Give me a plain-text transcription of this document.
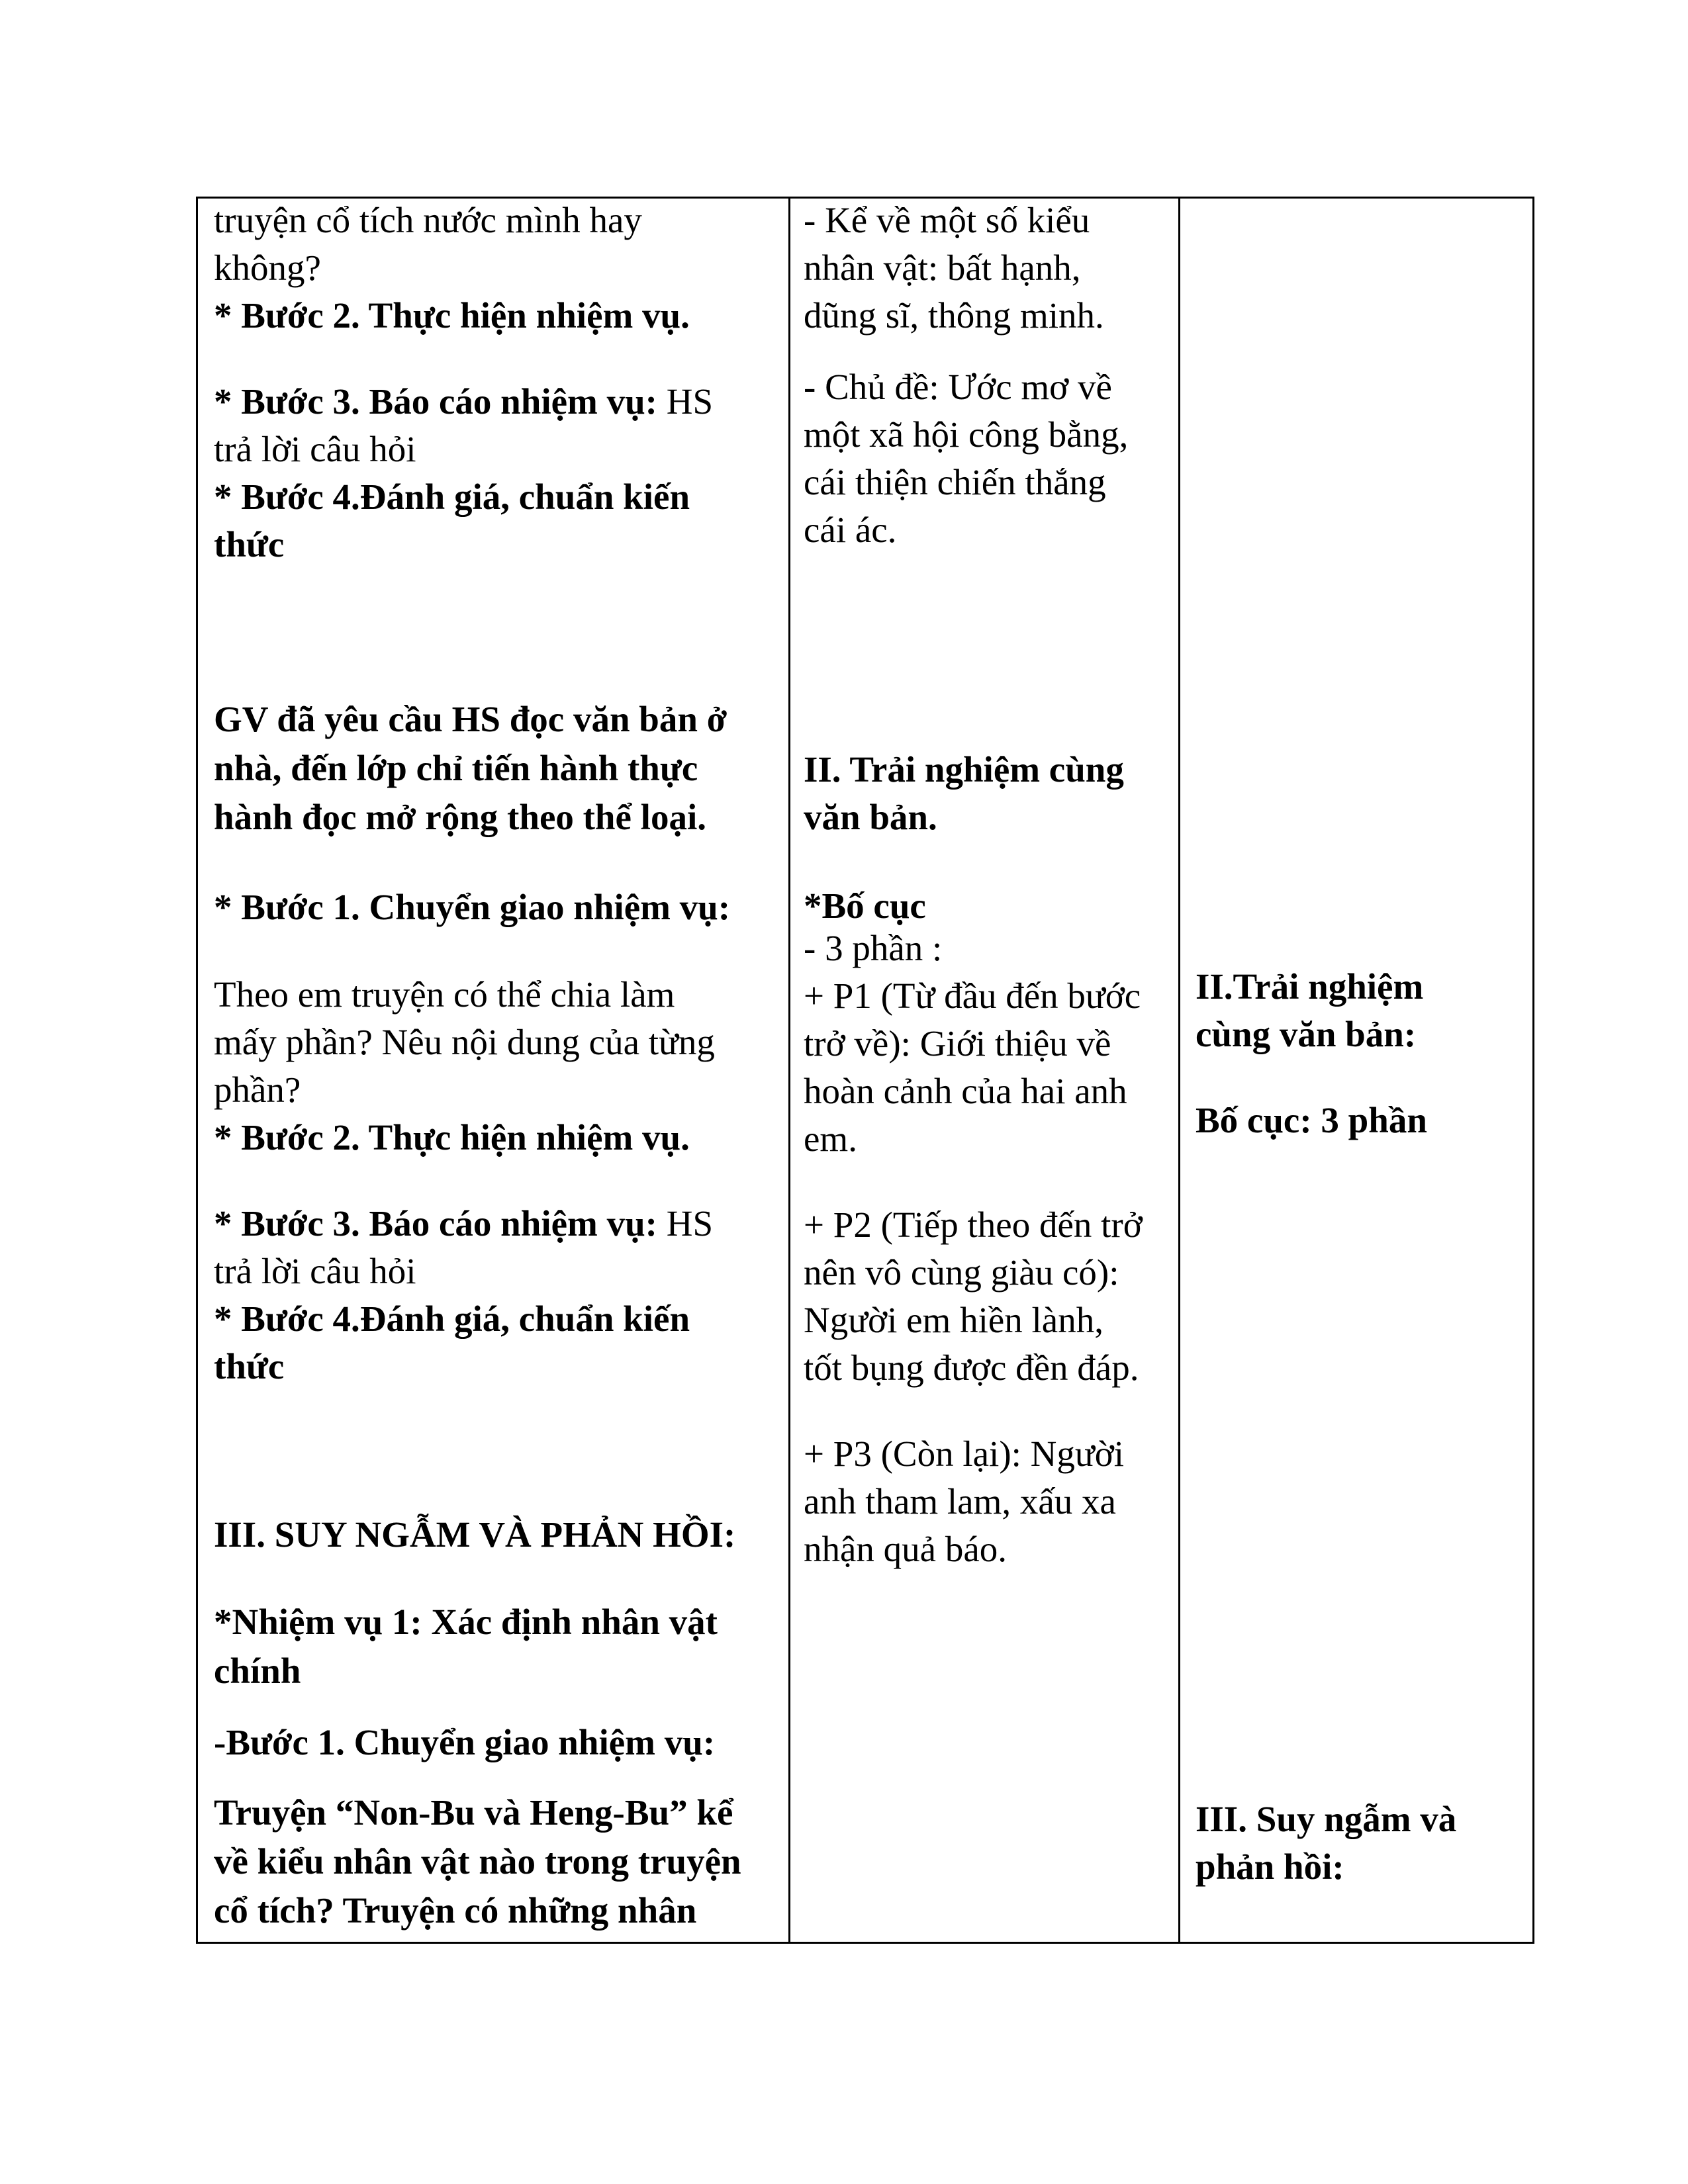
truyện cổ tích nước mình hay

không?

* Bước 2. Thực hiện nhiệm vụ.

* Bước 3. Báo cáo nhiệm vụ: HS

trả lời câu hỏi

* Bước 4.Đánh giá, chuẩn kiến

thức

GV đã yêu cầu HS đọc văn bản ở

nhà, đến lớp chỉ tiến hành thực

hành đọc mở rộng theo thể loại.

* Bước 1. Chuyển giao nhiệm vụ:

Theo em truyện có thể chia làm

mấy phần? Nêu nội dung của từng

phần?

* Bước 2. Thực hiện nhiệm vụ.

* Bước 3. Báo cáo nhiệm vụ: HS

trả lời câu hỏi

* Bước 4.Đánh giá, chuẩn kiến

thức

III. SUY NGẪM VÀ PHẢN HỒI:

*Nhiệm vụ 1: Xác định nhân vật

chính

-Bước 1. Chuyển giao nhiệm vụ:

Truyện “Non-Bu và Heng-Bu” kể

về kiểu nhân vật nào trong truyện

cổ tích? Truyện có những nhân

- Kể về một số kiểu

nhân vật: bất hạnh,

dũng sĩ, thông minh.

- Chủ đề: Ước mơ về

một xã hội công bằng,

cái thiện chiến thắng

cái ác.

II. Trải nghiệm cùng

văn bản.

*Bố cục

- 3 phần :

+ P1 (Từ đầu đến bước

trở về): Giới thiệu về

hoàn cảnh của hai anh

em.

+ P2 (Tiếp theo đến trở

nên vô cùng giàu có):

Người em hiền lành,

tốt bụng được đền đáp.

+ P3 (Còn lại): Người

anh tham lam, xấu xa

nhận quả báo.

II.Trải nghiệm

cùng văn bản:

Bố cục: 3 phần

III. Suy ngẫm và

phản hồi:
